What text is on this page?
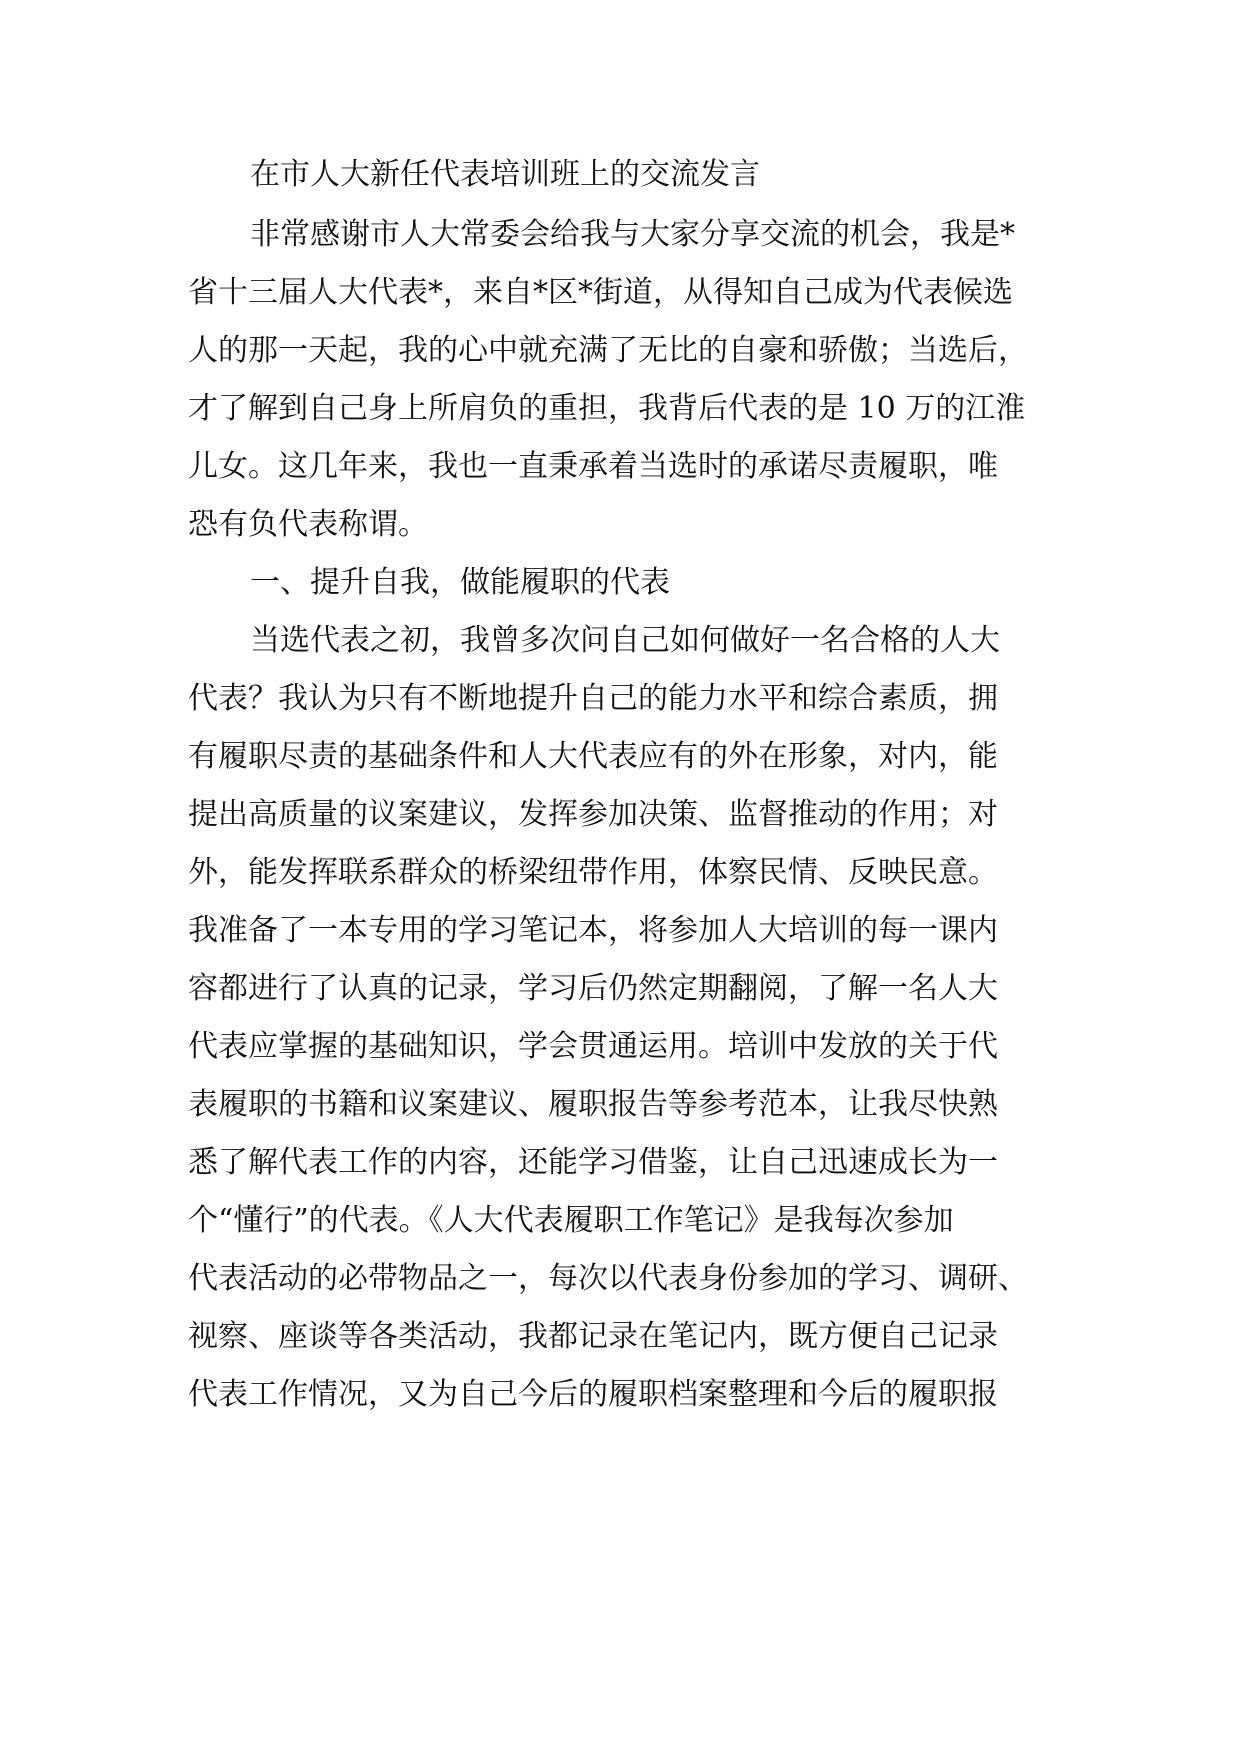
在市人大新任代表培训班上的交流发言
非常感谢市人大常委会给我与大家分享交流的机会，我是*
省十三届人大代表*，来自*区*街道，从得知自己成为代表候选
人的那一天起，我的心中就充满了无比的自豪和骄傲；当选后，
才了解到自己身上所肩负的重担，我背后代表的是 10 万的江淮
儿女。这几年来，我也一直秉承着当选时的承诺尽责履职，唯
恐有负代表称谓。
一、提升自我，做能履职的代表
当选代表之初，我曾多次问自己如何做好一名合格的人大
代表？我认为只有不断地提升自己的能力水平和综合素质，拥
有履职尽责的基础条件和人大代表应有的外在形象，对内，能
提出高质量的议案建议，发挥参加决策、监督推动的作用；对
外，能发挥联系群众的桥梁纽带作用，体察民情、反映民意。
我准备了一本专用的学习笔记本，将参加人大培训的每一课内
容都进行了认真的记录，学习后仍然定期翻阅，了解一名人大
代表应掌握的基础知识，学会贯通运用。培训中发放的关于代
表履职的书籍和议案建议、履职报告等参考范本，让我尽快熟
悉了解代表工作的内容，还能学习借鉴，让自己迅速成长为一
个“懂行”的代表。《人大代表履职工作笔记》是我每次参加
代表活动的必带物品之一，每次以代表身份参加的学习、调研、
视察、座谈等各类活动，我都记录在笔记内，既方便自己记录
代表工作情况，又为自己今后的履职档案整理和今后的履职报
